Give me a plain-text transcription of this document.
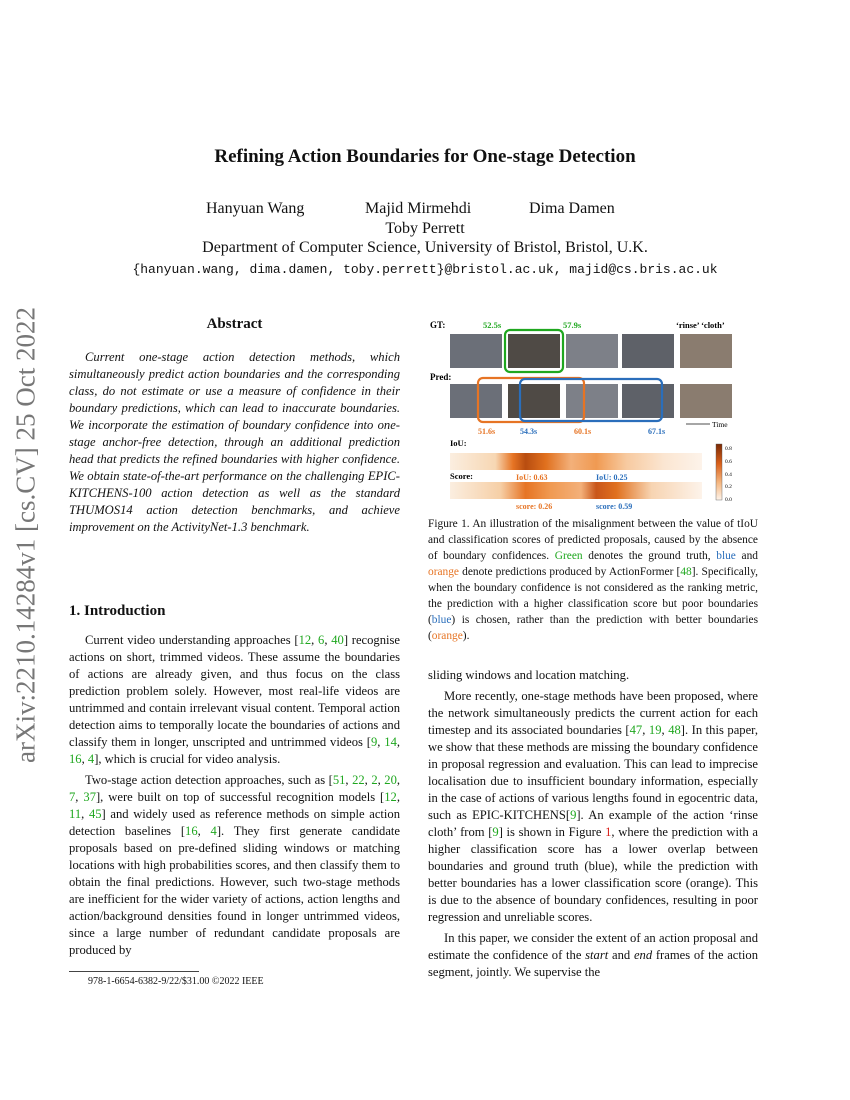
arXiv:2210.14284v1 [cs.CV] 25 Oct 2022
Refining Action Boundaries for One-stage Detection
Hanyuan Wang	Majid Mirmehdi	Dima Damen
Toby Perrett
Department of Computer Science, University of Bristol, Bristol, U.K.
{hanyuan.wang, dima.damen, toby.perrett}@bristol.ac.uk, majid@cs.bris.ac.uk
Abstract

Current one-stage action detection methods, which simultaneously predict action boundaries and the corresponding class, do not estimate or use a measure of confidence in their boundary predictions, which can lead to inaccurate boundaries. We incorporate the estimation of boundary confidence into one-stage anchor-free detection, through an additional prediction head that predicts the refined boundaries with higher confidence. We obtain state-of-the-art performance on the challenging EPIC-KITCHENS-100 action detection as well as the standard THUMOS14 action detection benchmarks, and achieve improvement on the ActivityNet-1.3 benchmark.

1. Introduction

Current video understanding approaches [12, 6, 40] recognise actions on short, trimmed videos. These assume the boundaries of actions are already given, and thus focus on the class prediction problem solely. However, most real-life videos are untrimmed and contain irrelevant visual content. Temporal action detection aims to temporally locate the boundaries of actions and classify them in longer, unscripted and untrimmed videos [9, 14, 16, 4], which is crucial for video analysis.

Two-stage action detection approaches, such as [51, 22, 2, 20, 7, 37], were built on top of successful recognition models [12, 11, 45] and widely used as reference methods on simple action detection baselines [16, 4]. They first generate candidate proposals based on pre-defined sliding windows or matching locations with high probabilities scores, and then classify them to obtain the final predictions. However, such two-stage methods are inefficient for the wider variety of actions, action lengths and action/background densities found in longer untrimmed videos, since a large number of redundant candidate proposals are produced by

978-1-6654-6382-9/22/$31.00 ©2022 IEEE
GT:	52.5s	57.9s	‘rinse’ ‘cloth’
Pred:
Time
51.6s	54.3s	60.1s	67.1s
IoU:
IoU: 0.63	IoU: 0.25
Score:
score: 0.26	score: 0.59
0.8
0.6
0.4
0.2
0.0
Figure 1. An illustration of the misalignment between the value of tIoU and classification scores of predicted proposals, caused by the absence of boundary confidences. Green denotes the ground truth, blue and orange denote predictions produced by ActionFormer [48]. Specifically, when the boundary confidence is not considered as the ranking metric, the prediction with a higher classification score but poor boundaries (blue) is chosen, rather than the prediction with better boundaries (orange).

sliding windows and location matching.

More recently, one-stage methods have been proposed, where the network simultaneously predicts the current action for each timestep and its associated boundaries [47, 19, 48]. In this paper, we show that these methods are missing the boundary confidence in proposal regression and evaluation. This can lead to imprecise localisation due to insufficient boundary information, especially in the case of actions of various lengths found in egocentric data, such as EPIC-KITCHENS[9]. An example of the action ‘rinse cloth’ from [9] is shown in Figure 1, where the prediction with a higher classification score has a lower overlap between boundaries and ground truth (blue), while the prediction with better boundaries has a lower classification score (orange). This is due to the absence of boundary confidences, resulting in poor regression and unreliable scores.

In this paper, we consider the extent of an action proposal and estimate the confidence of the start and end frames of the action segment, jointly. We supervise the
